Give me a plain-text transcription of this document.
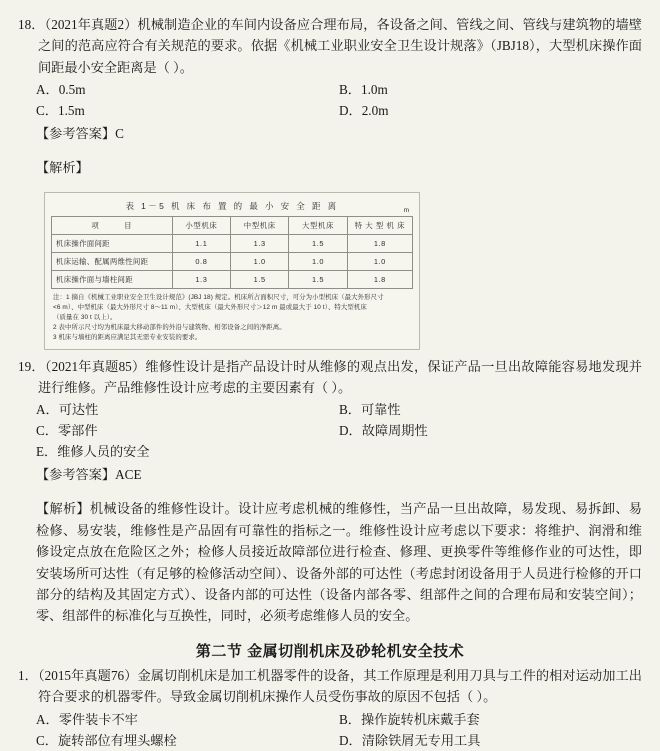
18．（2021年真题2）机械制造企业的车间内设备应合理布局，各设备之间、管线之间、管线与建筑物的墙壁之间的范高应符合有关规范的要求。依据《机械工业职业安全卫生设计规落》（JBJ18），大型机床操作面间距最小安全距离是（ ）。

A．0.5m	B．1.0m
C．1.5m	D．2.0m

【参考答案】C

【解析】

表 1－5 机 床 布 置 的 最 小 安 全 距 离	m
项　　　目	小型机床	中型机床	大型机床	特 大 型 机 床
机床操作面间距	1.1	1.3	1.5	1.8
机床运输、配属两维性间距	0.8	1.0	1.0	1.0
机床操作面与墙柱间距	1.3	1.5	1.5	1.8
注：1 摘自《机械工业职业安全卫生设计规范》(JBJ 18) 规定。机床所占面积尺寸，可分为小型机床（最大外形尺寸
<6 m）、中型机床（最大外形尺寸 8～11 m）、大型机床（最大外形尺寸＞12 m 最或最大于 10 t）、特大型机床
（质量在 30 t 以上）。
2 表中所示尺寸均为机床最大移动部件的外沿与建筑物、相邻设备之间的净距离。
3 机床与墙柱的距离应满足其无需专业安装的要求。

19．（2021年真题85）维修性设计是指产品设计时从维修的观点出发，保证产品一旦出故障能容易地发现并进行维修。产品维修性设计应考虑的主要因素有（ ）。

A．可达性	B．可靠性
C．零部件	D．故障周期性
E．维修人员的安全

【参考答案】ACE

【解析】机械设备的维修性设计。设计应考虑机械的维修性，当产品一旦出故障，易发现、易拆卸、易检修、易安装，维修性是产品固有可靠性的指标之一。维修性设计应考虑以下要求：将维护、润滑和维修设定点放在危险区之外；检修人员接近故障部位进行检查、修理、更换零件等维修作业的可达性，即安装场所可达性（有足够的检修活动空间）、设备外部的可达性（考虑封闭设备用于人员进行检修的开口部分的结构及其固定方式）、设备内部的可达性（设备内部各零、组部件之间的合理布局和安装空间）；零、组部件的标准化与互换性，同时，必须考虑维修人员的安全。

第二节 金属切削机床及砂轮机安全技术

1．（2015年真题76）金属切削机床是加工机器零件的设备，其工作原理是利用刀具与工件的相对运动加工出符合要求的机器零件。导致金属切削机床操作人员受伤事故的原因不包括（ ）。

A．零件装卡不牢	B．操作旋转机床戴手套
C．旋转部位有埋头螺栓	D．清除铁屑无专用工具
